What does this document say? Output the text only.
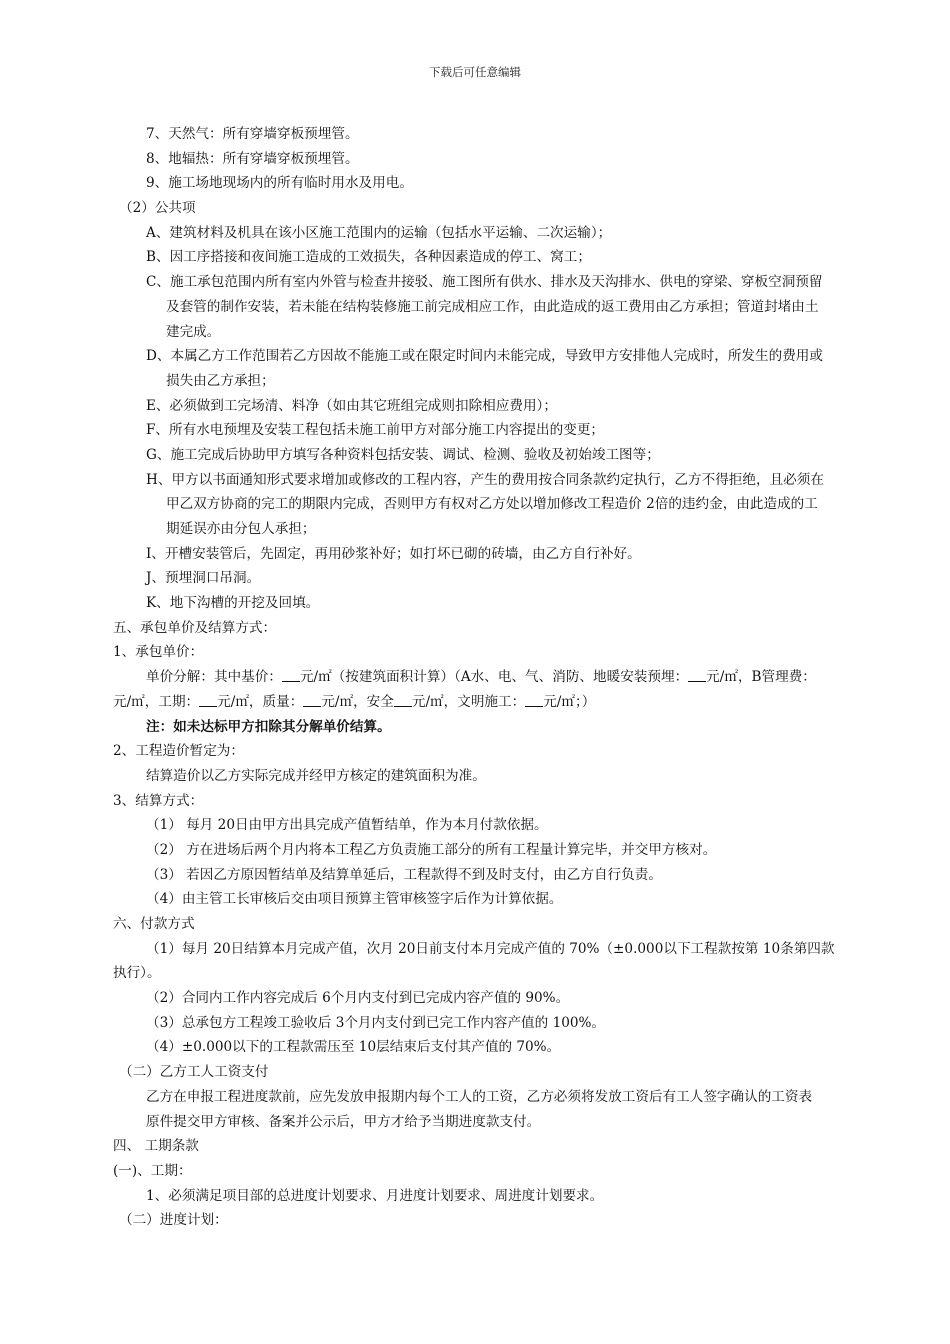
下载后可任意编辑
7、天然气：所有穿墙穿板预埋管。
8、地辐热：所有穿墙穿板预埋管。
9、施工场地现场内的所有临时用水及用电。
（2）公共项
A、建筑材料及机具在该小区施工范围内的运输（包括水平运输、二次运输）；
B、因工序搭接和夜间施工造成的工效损失，各种因素造成的停工、窝工；
C、施工承包范围内所有室内外管与检查井接驳、施工图所有供水、排水及天沟排水、供电的穿梁、穿板空洞预留
及套管的制作安装，若未能在结构装修施工前完成相应工作，由此造成的返工费用由乙方承担；管道封堵由土
建完成。
D、本属乙方工作范围若乙方因故不能施工或在限定时间内未能完成，导致甲方安排他人完成时，所发生的费用或
损失由乙方承担；
E、必须做到工完场清、料净（如由其它班组完成则扣除相应费用）；
F、所有水电预埋及安装工程包括未施工前甲方对部分施工内容提出的变更；
G、施工完成后协助甲方填写各种资料包括安装、调试、检测、验收及初始竣工图等；
H、甲方以书面通知形式要求增加或修改的工程内容，产生的费用按合同条款约定执行，乙方不得拒绝，且必须在
甲乙双方协商的完工的期限内完成，否则甲方有权对乙方处以增加修改工程造价 2倍的违约金，由此造成的工
期延误亦由分包人承担；
I、开槽安装管后，先固定，再用砂浆补好；如打坏已砌的砖墙，由乙方自行补好。
J、预埋洞口吊洞。
K、地下沟槽的开挖及回填。
五、承包单价及结算方式：
1、承包单价：
单价分解：其中基价： 元/㎡（按建筑面积计算）（A水、电、气、消防、地暖安装预埋： 元/㎡，B管理费：
元/㎡，工期： 元/㎡，质量： 元/㎡，安全 元/㎡，文明施工： 元/㎡；）
注：如未达标甲方扣除其分解单价结算。
2、工程造价暂定为：
结算造价以乙方实际完成并经甲方核定的建筑面积为准。
3、结算方式：
（1） 每月 20日由甲方出具完成产值暂结单，作为本月付款依据。
（2） 方在进场后两个月内将本工程乙方负责施工部分的所有工程量计算完毕，并交甲方核对。
（3） 若因乙方原因暂结单及结算单延后，工程款得不到及时支付，由乙方自行负责。
（4）由主管工长审核后交由项目预算主管审核签字后作为计算依据。
六、付款方式
（1）每月 20日结算本月完成产值，次月 20日前支付本月完成产值的 70%（±0.000以下工程款按第 10条第四款
执行）。
（2）合同内工作内容完成后 6个月内支付到已完成内容产值的 90%。
（3）总承包方工程竣工验收后 3个月内支付到已完工作内容产值的 100%。
（4）±0.000以下的工程款需压至 10层结束后支付其产值的 70%。
（二）乙方工人工资支付
乙方在申报工程进度款前，应先发放申报期内每个工人的工资，乙方必须将发放工资后有工人签字确认的工资表
原件提交甲方审核、备案并公示后，甲方才给予当期进度款支付。
四、 工期条款
(一)、工期：
1、必须满足项目部的总进度计划要求、月进度计划要求、周进度计划要求。
（二）进度计划：
